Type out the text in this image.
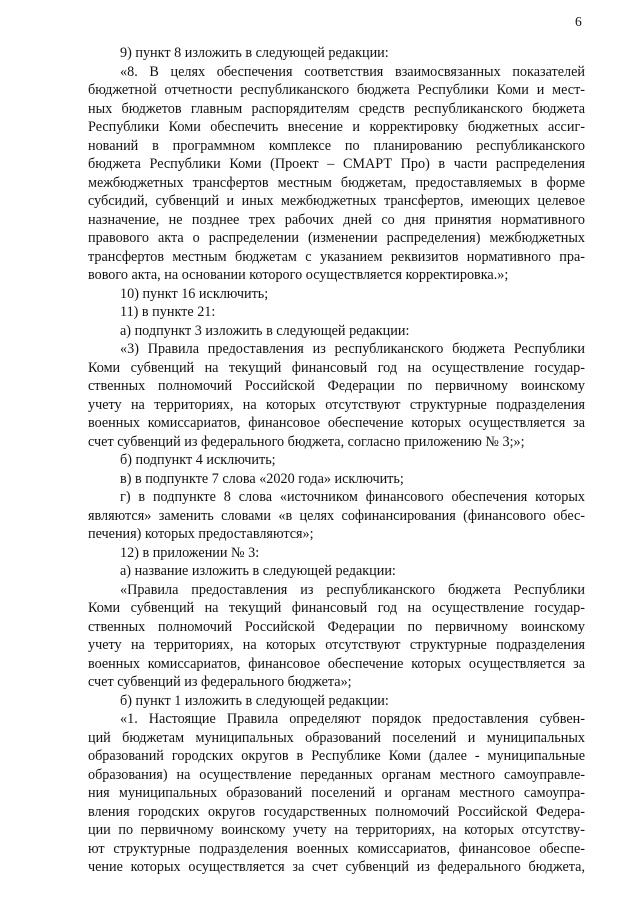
6
9) пункт 8 изложить в следующей редакции:
«8. В целях обеспечения соответствия взаимосвязанных показателей
бюджетной отчетности республиканского бюджета Республики Коми и мест-
ных бюджетов главным распорядителям средств республиканского бюджета
Республики Коми обеспечить внесение и корректировку бюджетных ассиг-
нований в программном комплексе по планированию республиканского
бюджета Республики Коми (Проект – СМАРТ Про) в части распределения
межбюджетных трансфертов местным бюджетам, предоставляемых в форме
субсидий, субвенций и иных межбюджетных трансфертов, имеющих целевое
назначение, не позднее трех рабочих дней со дня принятия нормативного
правового акта о распределении (изменении распределения) межбюджетных
трансфертов местным бюджетам с указанием реквизитов нормативного пра-
вового акта, на основании которого осуществляется корректировка.»;
10) пункт 16 исключить;
11) в пункте 21:
а) подпункт 3 изложить в следующей редакции:
«3) Правила предоставления из республиканского бюджета Республики
Коми субвенций на текущий финансовый год на осуществление государ-
ственных полномочий Российской Федерации по первичному воинскому
учету на территориях, на которых отсутствуют структурные подразделения
военных комиссариатов, финансовое обеспечение которых осуществляется за
счет субвенций из федерального бюджета, согласно приложению № 3;»;
б) подпункт 4 исключить;
в) в подпункте 7 слова «2020 года» исключить;
г) в подпункте 8 слова «источником финансового обеспечения которых
являются» заменить словами «в целях софинансирования (финансового обес-
печения) которых предоставляются»;
12) в приложении № 3:
а) название изложить в следующей редакции:
«Правила предоставления из республиканского бюджета Республики
Коми субвенций на текущий финансовый год на осуществление государ-
ственных полномочий Российской Федерации по первичному воинскому
учету на территориях, на которых отсутствуют структурные подразделения
военных комиссариатов, финансовое обеспечение которых осуществляется за
счет субвенций из федерального бюджета»;
б) пункт 1 изложить в следующей редакции:
«1. Настоящие Правила определяют порядок предоставления субвен-
ций бюджетам муниципальных образований поселений и муниципальных
образований городских округов в Республике Коми (далее - муниципальные
образования) на осуществление переданных органам местного самоуправле-
ния муниципальных образований поселений и органам местного самоупра-
вления городских округов государственных полномочий Российской Федера-
ции по первичному воинскому учету на территориях, на которых отсутству-
ют структурные подразделения военных комиссариатов, финансовое обеспе-
чение которых осуществляется за счет субвенций из федерального бюджета,
